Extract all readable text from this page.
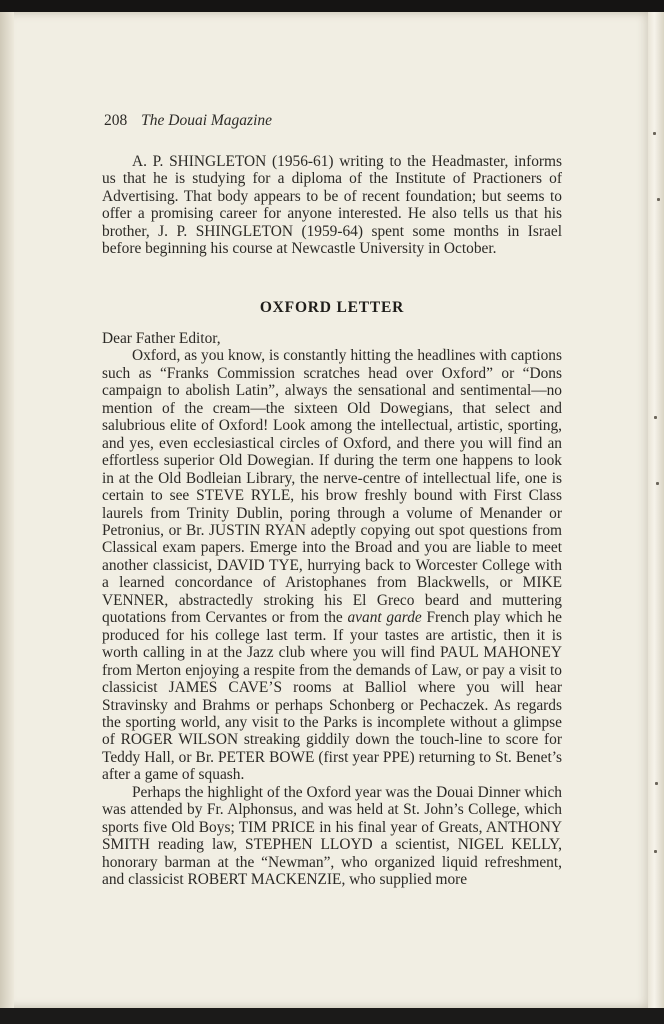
208 The Douai Magazine

A. P. SHINGLETON (1956-61) writing to the Headmaster, informs us that he is studying for a diploma of the Institute of Practioners of Advertising. That body appears to be of recent foundation; but seems to offer a promising career for anyone interested. He also tells us that his brother, J. P. SHINGLETON (1959-64) spent some months in Israel before beginning his course at Newcastle University in October.

OXFORD LETTER

Dear Father Editor,

Oxford, as you know, is constantly hitting the headlines with captions such as “Franks Commission scratches head over Oxford” or “Dons campaign to abolish Latin”, always the sensational and sentimental—no mention of the cream—the sixteen Old Dowegians, that select and salubrious elite of Oxford! Look among the intellectual, artistic, sporting, and yes, even ecclesiastical circles of Oxford, and there you will find an effortless superior Old Dowegian. If during the term one happens to look in at the Old Bodleian Library, the nerve-centre of intellectual life, one is certain to see STEVE RYLE, his brow freshly bound with First Class laurels from Trinity Dublin, poring through a volume of Menander or Petronius, or Br. JUSTIN RYAN adeptly copying out spot questions from Classical exam papers. Emerge into the Broad and you are liable to meet another classicist, DAVID TYE, hurrying back to Worcester College with a learned concordance of Aristophanes from Blackwells, or MIKE VENNER, abstractedly stroking his El Greco beard and muttering quotations from Cervantes or from the avant garde French play which he produced for his college last term. If your tastes are artistic, then it is worth calling in at the Jazz club where you will find PAUL MAHONEY from Merton enjoying a respite from the demands of Law, or pay a visit to classicist JAMES CAVE’S rooms at Balliol where you will hear Stravinsky and Brahms or perhaps Schonberg or Pechaczek. As regards the sporting world, any visit to the Parks is incomplete without a glimpse of ROGER WILSON streaking giddily down the touch-line to score for Teddy Hall, or Br. PETER BOWE (first year PPE) returning to St. Benet’s after a game of squash.

Perhaps the highlight of the Oxford year was the Douai Dinner which was attended by Fr. Alphonsus, and was held at St. John’s College, which sports five Old Boys; TIM PRICE in his final year of Greats, ANTHONY SMITH reading law, STEPHEN LLOYD a scientist, NIGEL KELLY, honorary barman at the “Newman”, who organized liquid refreshment, and classicist ROBERT MACKENZIE, who supplied more
